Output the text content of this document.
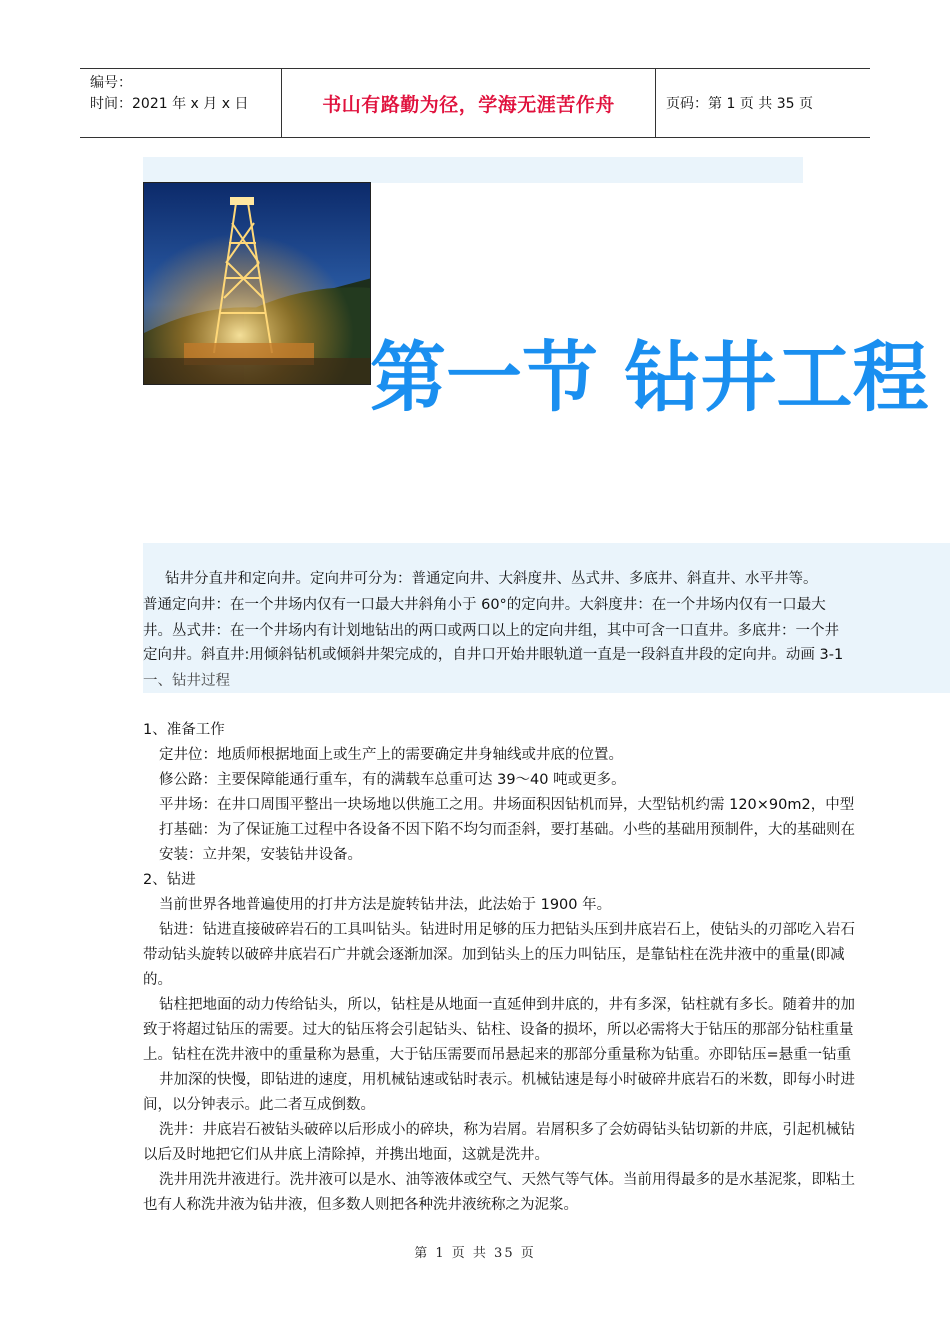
编号：
时间：2021 年 x 月 x 日	书山有路勤为径，学海无涯苦作舟	页码：第 1 页 共 35 页
第一节 钻井工程
钻井分直井和定向井。定向井可分为：普通定向井、大斜度井、丛式井、多底井、斜直井、水平井等。
普通定向井：在一个井场内仅有一口最大井斜角小于 60°的定向井。大斜度井：在一个井场内仅有一口最大
井。丛式井：在一个井场内有计划地钻出的两口或两口以上的定向井组，其中可含一口直井。多底井：一个井
定向井。斜直井:用倾斜钻机或倾斜井架完成的，自井口开始井眼轨道一直是一段斜直井段的定向井。动画 3-1
一、钻井过程
1、准备工作
定井位：地质师根据地面上或生产上的需要确定井身轴线或井底的位置。
修公路：主要保障能通行重车，有的满载车总重可达 39～40 吨或更多。
平井场：在井口周围平整出一块场地以供施工之用。井场面积因钻机而异，大型钻机约需 120×90m2，中型
打基础：为了保证施工过程中各设备不因下陷不均匀而歪斜，要打基础。小些的基础用预制件，大的基础则在
安装：立井架，安装钻井设备。
2、钻进
当前世界各地普遍使用的打井方法是旋转钻井法，此法始于 1900 年。
钻进：钻进直接破碎岩石的工具叫钻头。钻进时用足够的压力把钻头压到井底岩石上，使钻头的刃部吃入岩石
带动钻头旋转以破碎井底岩石广井就会逐渐加深。加到钻头上的压力叫钻压，是靠钻柱在洗井液中的重量(即减
的。
钻柱把地面的动力传给钻头，所以，钻柱是从地面一直延伸到井底的，井有多深，钻柱就有多长。随着井的加
致于将超过钻压的需要。过大的钻压将会引起钻头、钻柱、设备的损坏，所以必需将大于钻压的那部分钻柱重量
上。钻柱在洗井液中的重量称为悬重，大于钻压需要而吊悬起来的那部分重量称为钻重。亦即钻压=悬重一钻重
井加深的快慢，即钻进的速度，用机械钻速或钻时表示。机械钻速是每小时破碎井底岩石的米数，即每小时进
间，以分钟表示。此二者互成倒数。
洗井：井底岩石被钻头破碎以后形成小的碎块，称为岩屑。岩屑积多了会妨碍钻头钻切新的井底，引起机械钻
以后及时地把它们从井底上清除掉，并携出地面，这就是洗井。
洗井用洗井液进行。洗井液可以是水、油等液体或空气、天然气等气体。当前用得最多的是水基泥浆，即粘土
也有人称洗井液为钻井液，但多数人则把各种洗井液统称之为泥浆。
第 1 页 共 35 页
